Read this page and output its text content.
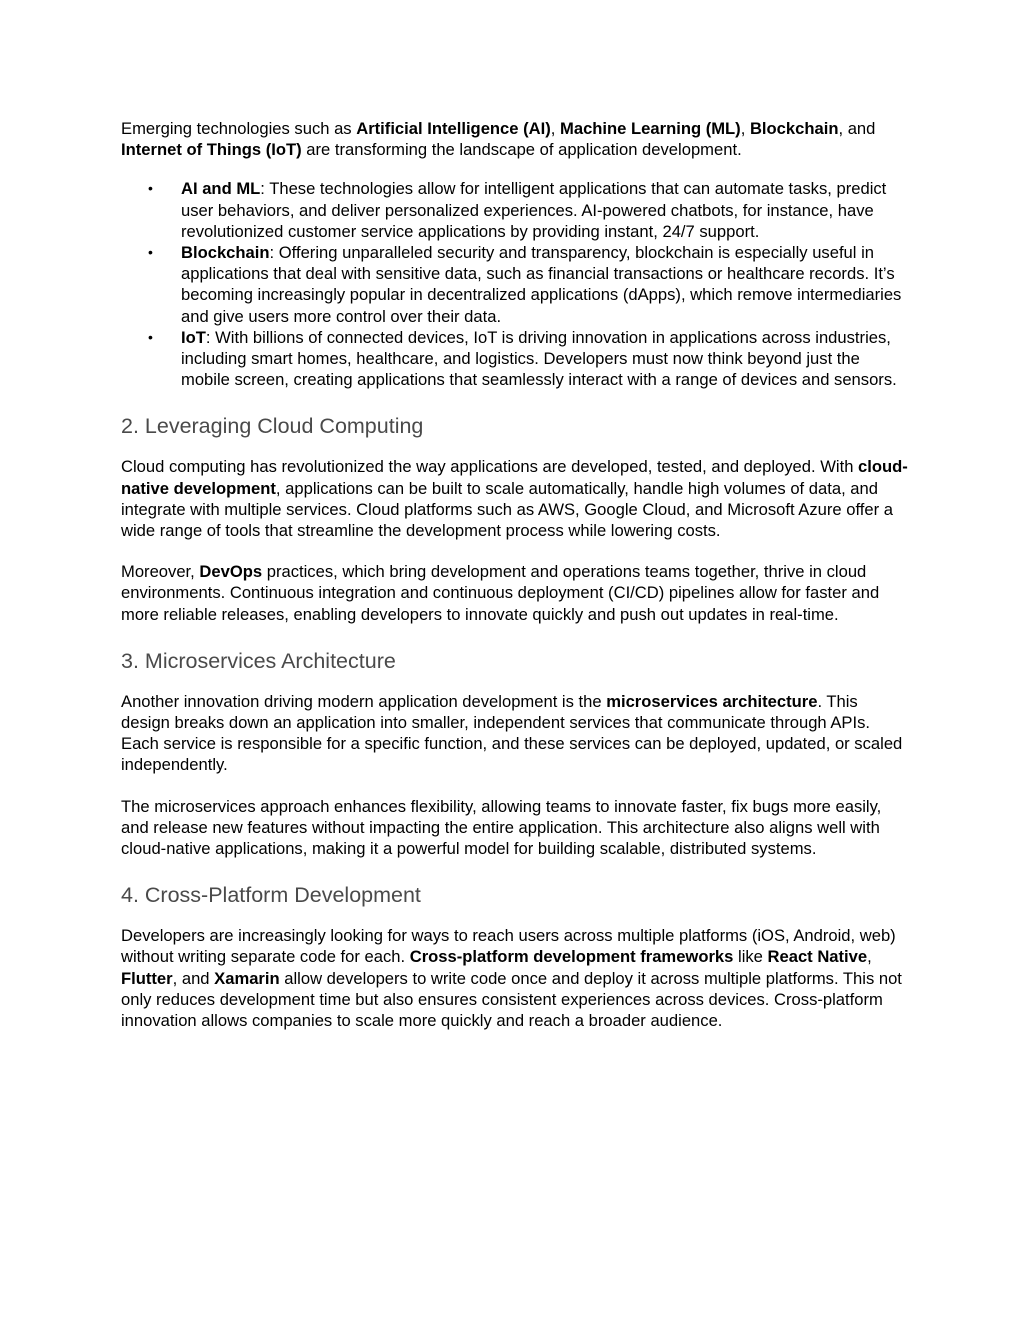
Emerging technologies such as Artificial Intelligence (AI), Machine Learning (ML), Blockchain, and Internet of Things (IoT) are transforming the landscape of application development.

• AI and ML: These technologies allow for intelligent applications that can automate tasks, predict user behaviors, and deliver personalized experiences. AI-powered chatbots, for instance, have revolutionized customer service applications by providing instant, 24/7 support.
• Blockchain: Offering unparalleled security and transparency, blockchain is especially useful in applications that deal with sensitive data, such as financial transactions or healthcare records. It’s becoming increasingly popular in decentralized applications (dApps), which remove intermediaries and give users more control over their data.
• IoT: With billions of connected devices, IoT is driving innovation in applications across industries, including smart homes, healthcare, and logistics. Developers must now think beyond just the mobile screen, creating applications that seamlessly interact with a range of devices and sensors.
2. Leveraging Cloud Computing

Cloud computing has revolutionized the way applications are developed, tested, and deployed. With cloud-native development, applications can be built to scale automatically, handle high volumes of data, and integrate with multiple services. Cloud platforms such as AWS, Google Cloud, and Microsoft Azure offer a wide range of tools that streamline the development process while lowering costs.

Moreover, DevOps practices, which bring development and operations teams together, thrive in cloud environments. Continuous integration and continuous deployment (CI/CD) pipelines allow for faster and more reliable releases, enabling developers to innovate quickly and push out updates in real-time.

3. Microservices Architecture

Another innovation driving modern application development is the microservices architecture. This design breaks down an application into smaller, independent services that communicate through APIs. Each service is responsible for a specific function, and these services can be deployed, updated, or scaled independently.

The microservices approach enhances flexibility, allowing teams to innovate faster, fix bugs more easily, and release new features without impacting the entire application. This architecture also aligns well with cloud-native applications, making it a powerful model for building scalable, distributed systems.

4. Cross-Platform Development

Developers are increasingly looking for ways to reach users across multiple platforms (iOS, Android, web) without writing separate code for each. Cross-platform development frameworks like React Native, Flutter, and Xamarin allow developers to write code once and deploy it across multiple platforms. This not only reduces development time but also ensures consistent experiences across devices. Cross-platform innovation allows companies to scale more quickly and reach a broader audience.
